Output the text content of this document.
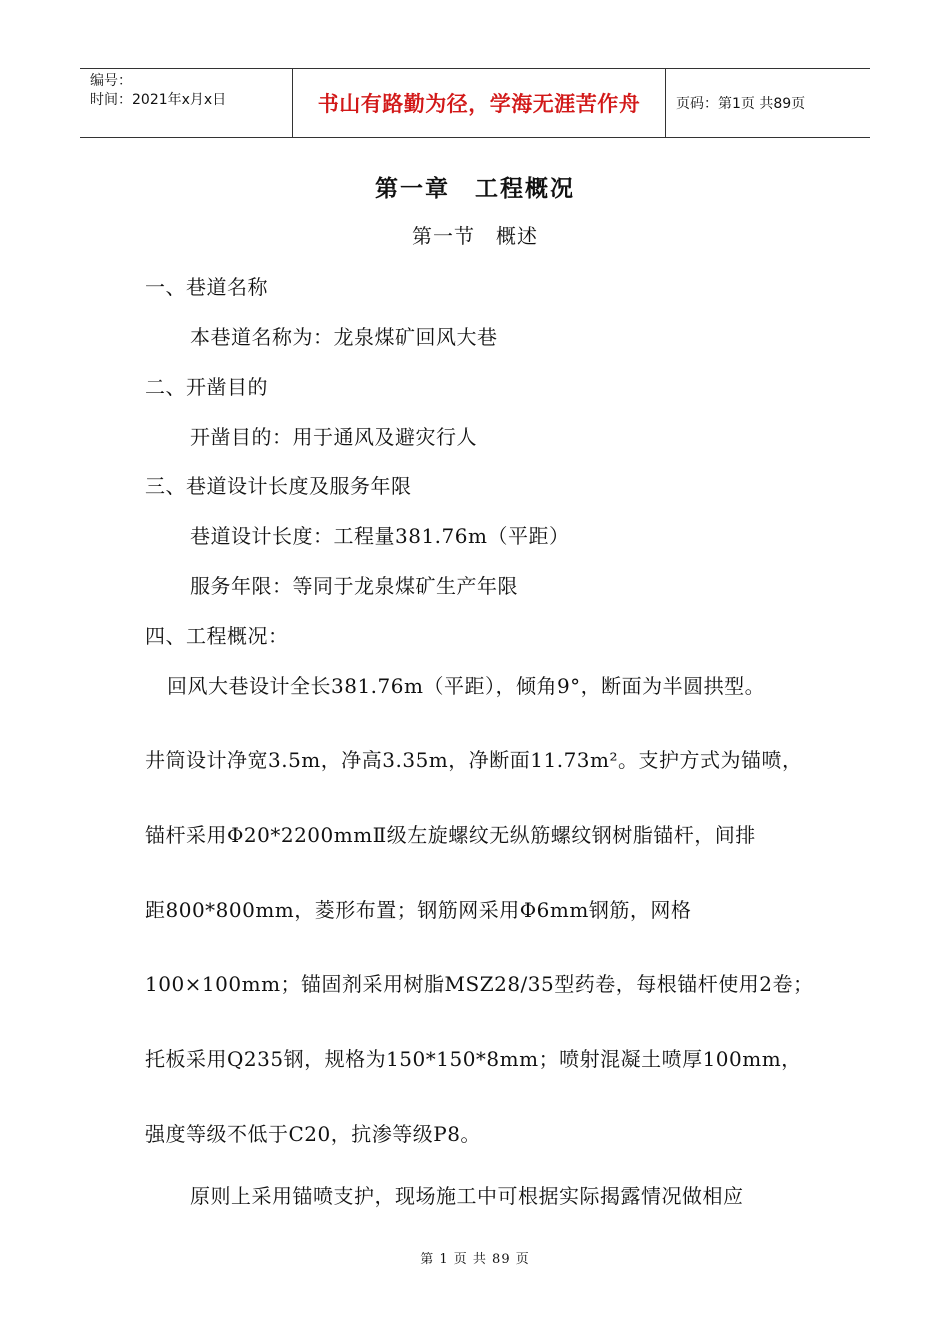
编号：
时间：2021年x月x日	书山有路勤为径，学海无涯苦作舟	页码：第1页 共89页
第一章　工程概况
第一节　概述
一、巷道名称
本巷道名称为：龙泉煤矿回风大巷
二、开凿目的
开凿目的：用于通风及避灾行人
三、巷道设计长度及服务年限
巷道设计长度：工程量381.76m（平距）
服务年限：等同于龙泉煤矿生产年限
四、工程概况：
回风大巷设计全长381.76m（平距），倾角9°，断面为半圆拱型。
井筒设计净宽3.5m，净高3.35m，净断面11.73m²。支护方式为锚喷，
锚杆采用Φ20*2200mmⅡ级左旋螺纹无纵筋螺纹钢树脂锚杆，间排
距800*800mm，菱形布置；钢筋网采用Φ6mm钢筋，网格
100×100mm；锚固剂采用树脂MSZ28/35型药卷，每根锚杆使用2卷；
托板采用Q235钢，规格为150*150*8mm；喷射混凝土喷厚100mm，
强度等级不低于C20，抗渗等级P8。
原则上采用锚喷支护，现场施工中可根据实际揭露情况做相应
第 1 页 共 89 页
